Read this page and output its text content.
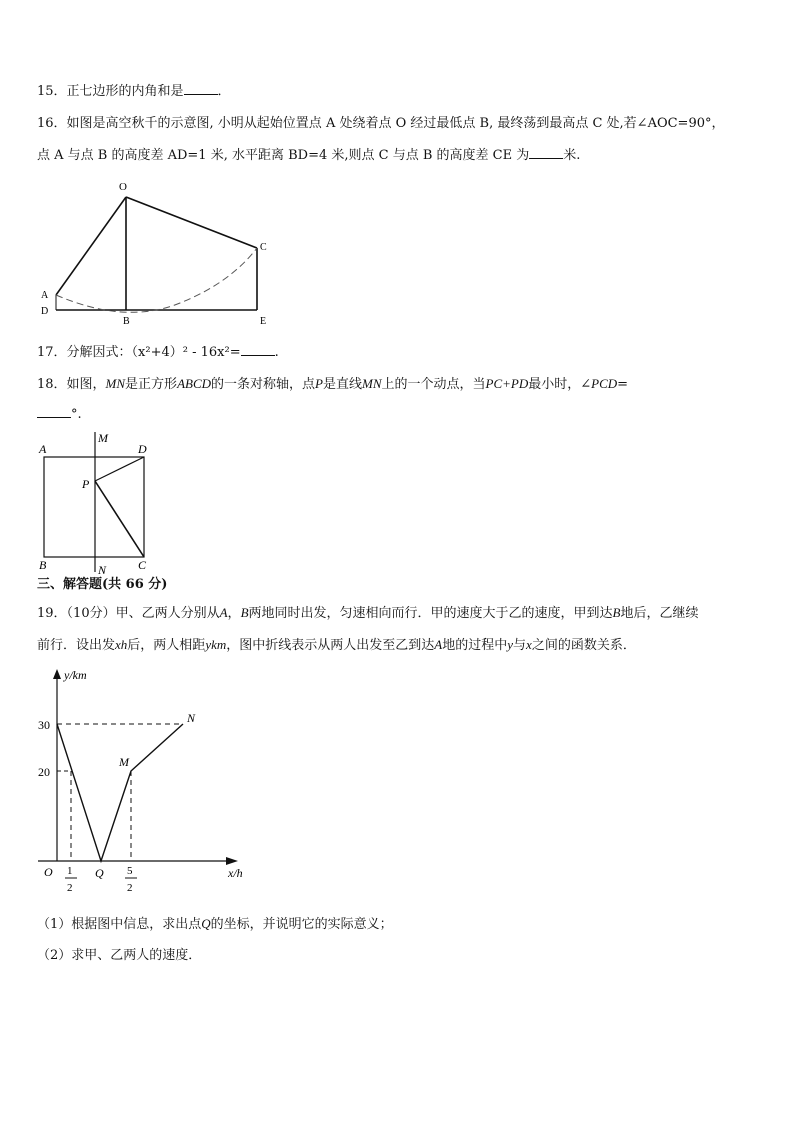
15．正七边形的内角和是	．
16．如图是高空秋千的示意图, 小明从起始位置点 A 处绕着点 O 经过最低点 B, 最终荡到最高点 C 处,若∠AOC=90°，
点 A 与点 B 的高度差 AD=1 米, 水平距离 BD=4 米,则点 C 与点 B 的高度差 CE 为	米.
O
A
D
B
C
E
17．分解因式：（x²+4）² - 16x²=	.
18．如图，MN是正方形ABCD的一条对称轴，点P是直线MN上的一个动点，当PC+PD最小时，∠PCD=
°.
A
M
D
P
B	N	C
三、解答题(共 66 分)
19．（10分）甲、乙两人分别从A，B两地同时出发，匀速相向而行．甲的速度大于乙的速度，甲到达B地后，乙继续
前行．设出发xh后，两人相距ykm，图中折线表示从两人出发至乙到达A地的过程中y与x之间的函数关系．
y/km
x/h
O
30
20
M
N
Q
1
2
5
2
（1）根据图中信息，求出点Q的坐标，并说明它的实际意义；
（2）求甲、乙两人的速度．
